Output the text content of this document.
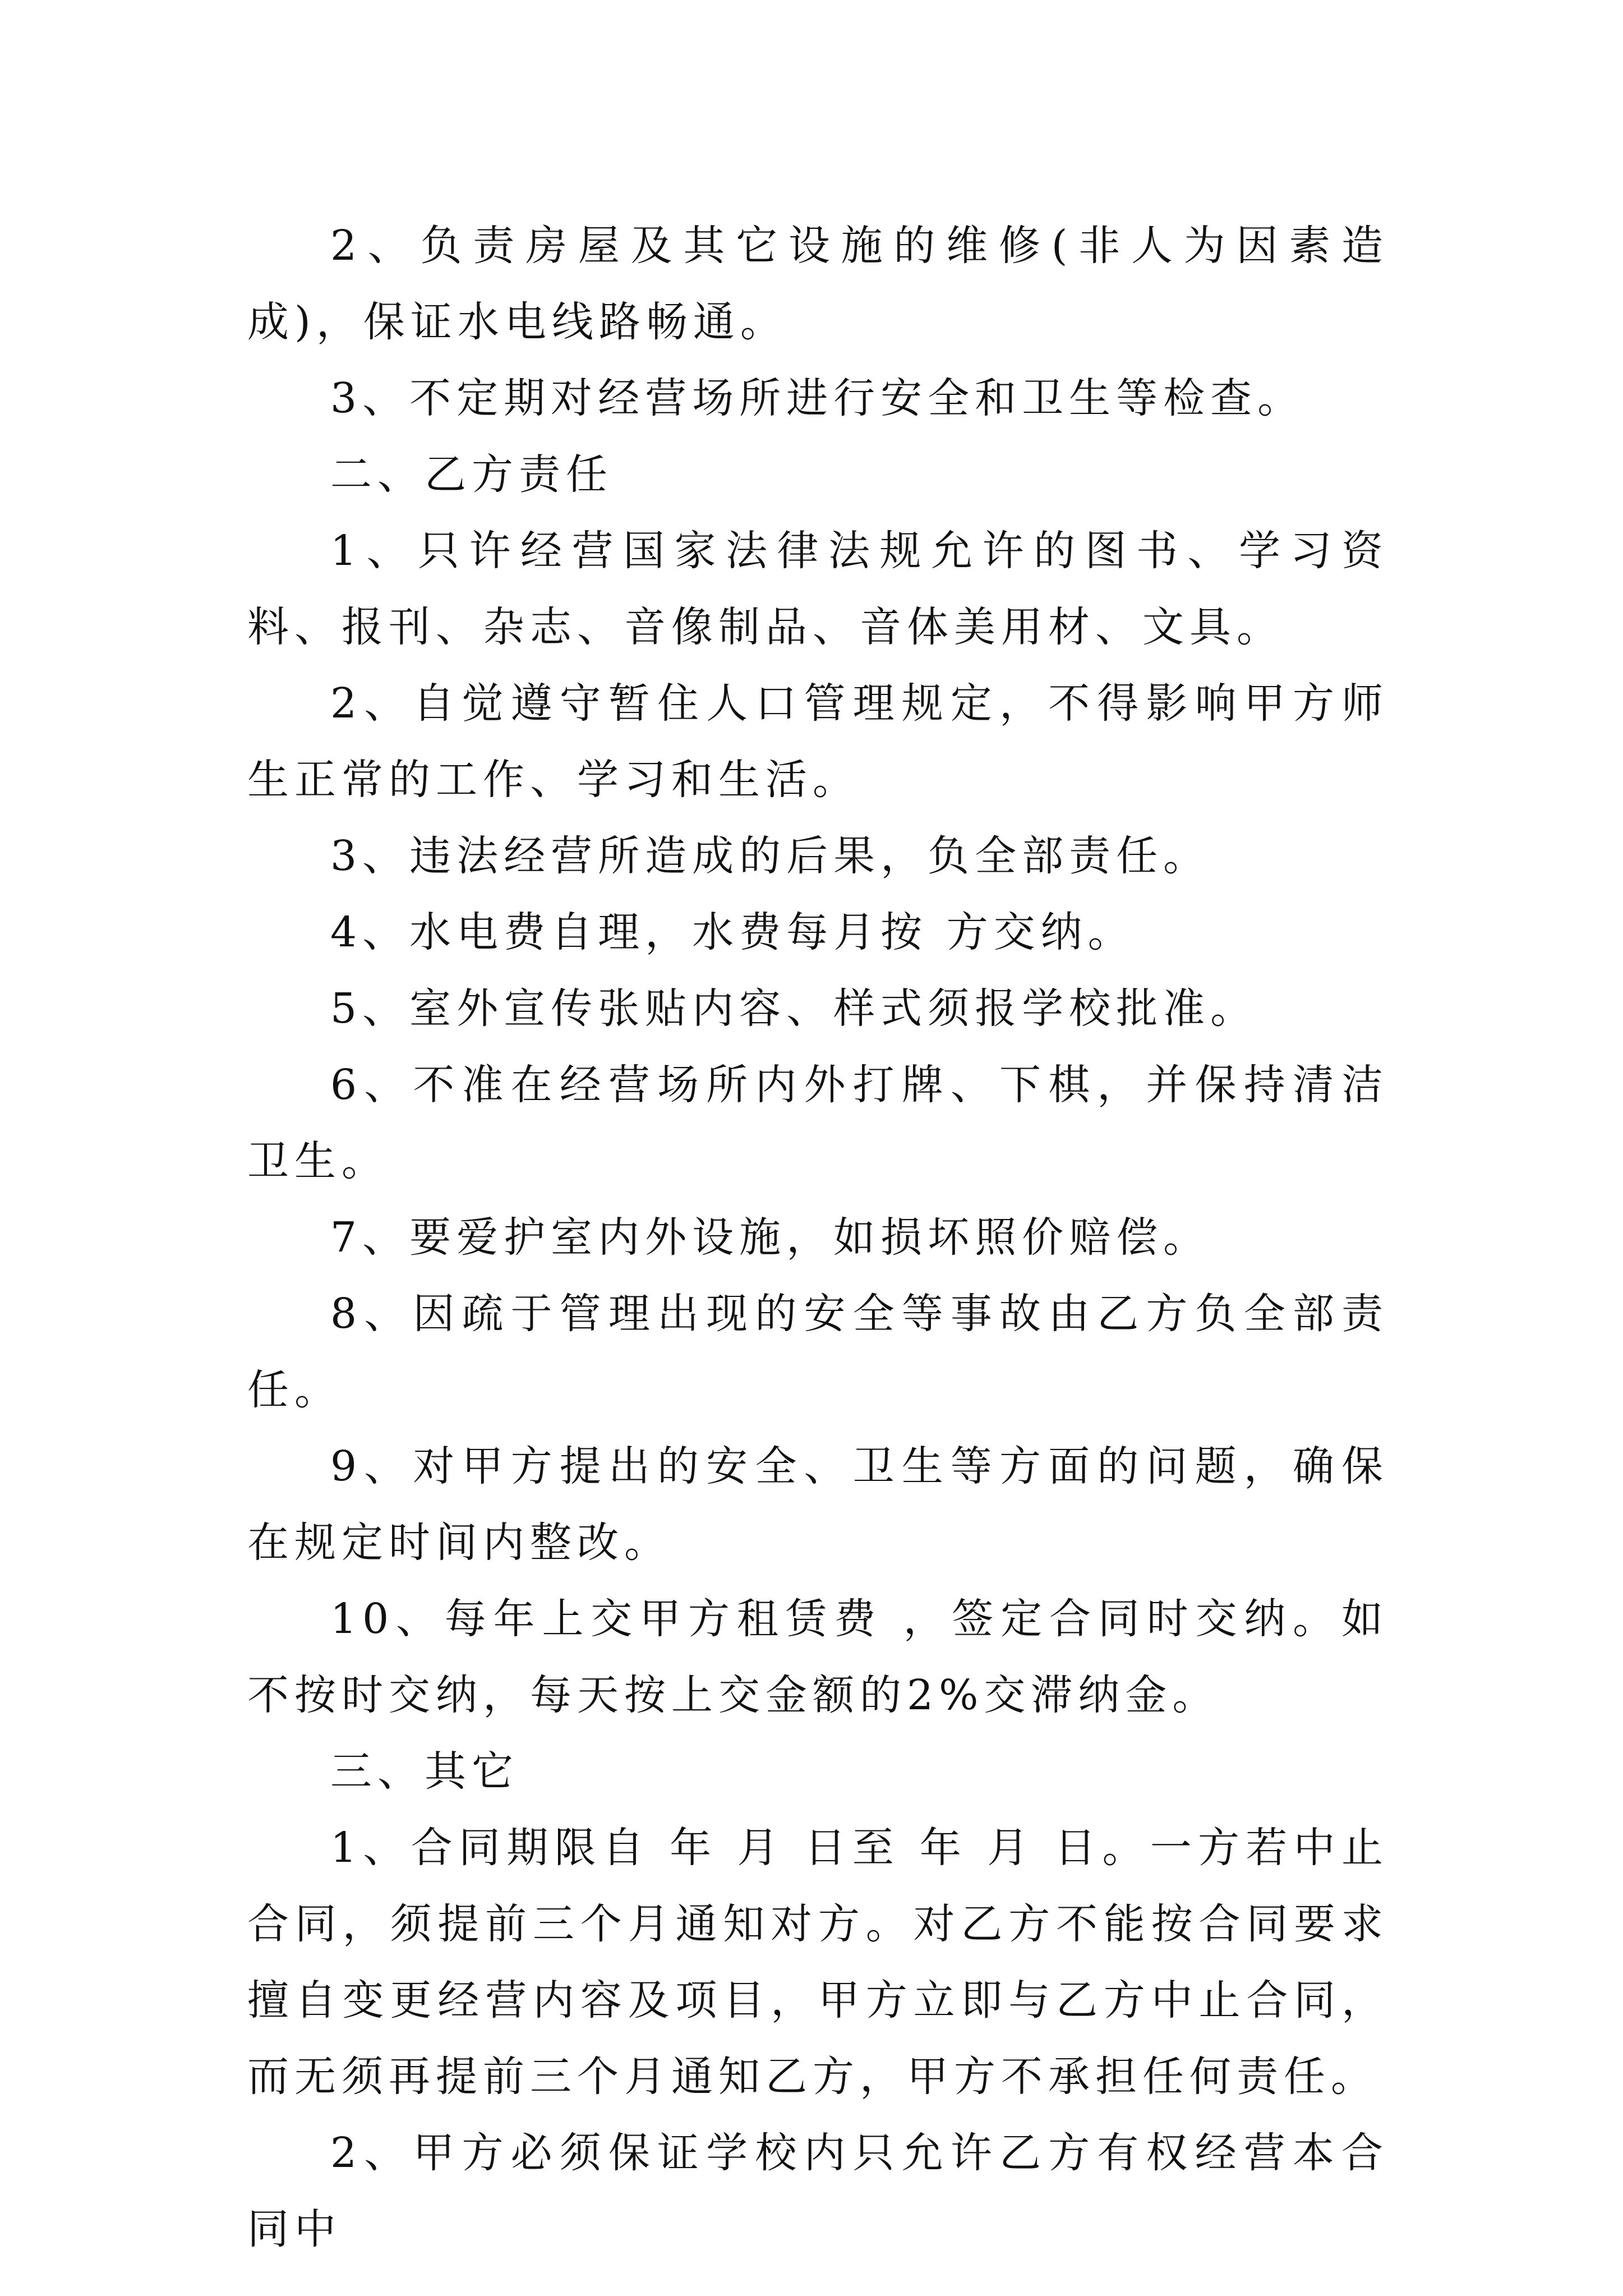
2、负责房屋及其它设施的维修(非人为因素造成)，保证水电线路畅通。

3、不定期对经营场所进行安全和卫生等检查。

二、乙方责任

1、只许经营国家法律法规允许的图书、学习资料、报刊、杂志、音像制品、音体美用材、文具。

2、自觉遵守暂住人口管理规定，不得影响甲方师生正常的工作、学习和生活。

3、违法经营所造成的后果，负全部责任。

4、水电费自理，水费每月按 方交纳。

5、室外宣传张贴内容、样式须报学校批准。

6、不准在经营场所内外打牌、下棋，并保持清洁卫生。

7、要爱护室内外设施，如损坏照价赔偿。

8、因疏于管理出现的安全等事故由乙方负全部责任。

9、对甲方提出的安全、卫生等方面的问题，确保在规定时间内整改。

10、每年上交甲方租赁费 ，签定合同时交纳。如不按时交纳，每天按上交金额的2%交滞纳金。

三、其它

1、合同期限自 年 月 日至 年 月 日。一方若中止合同，须提前三个月通知对方。对乙方不能按合同要求擅自变更经营内容及项目，甲方立即与乙方中止合同，而无须再提前三个月通知乙方，甲方不承担任何责任。

2、甲方必须保证学校内只允许乙方有权经营本合同中
